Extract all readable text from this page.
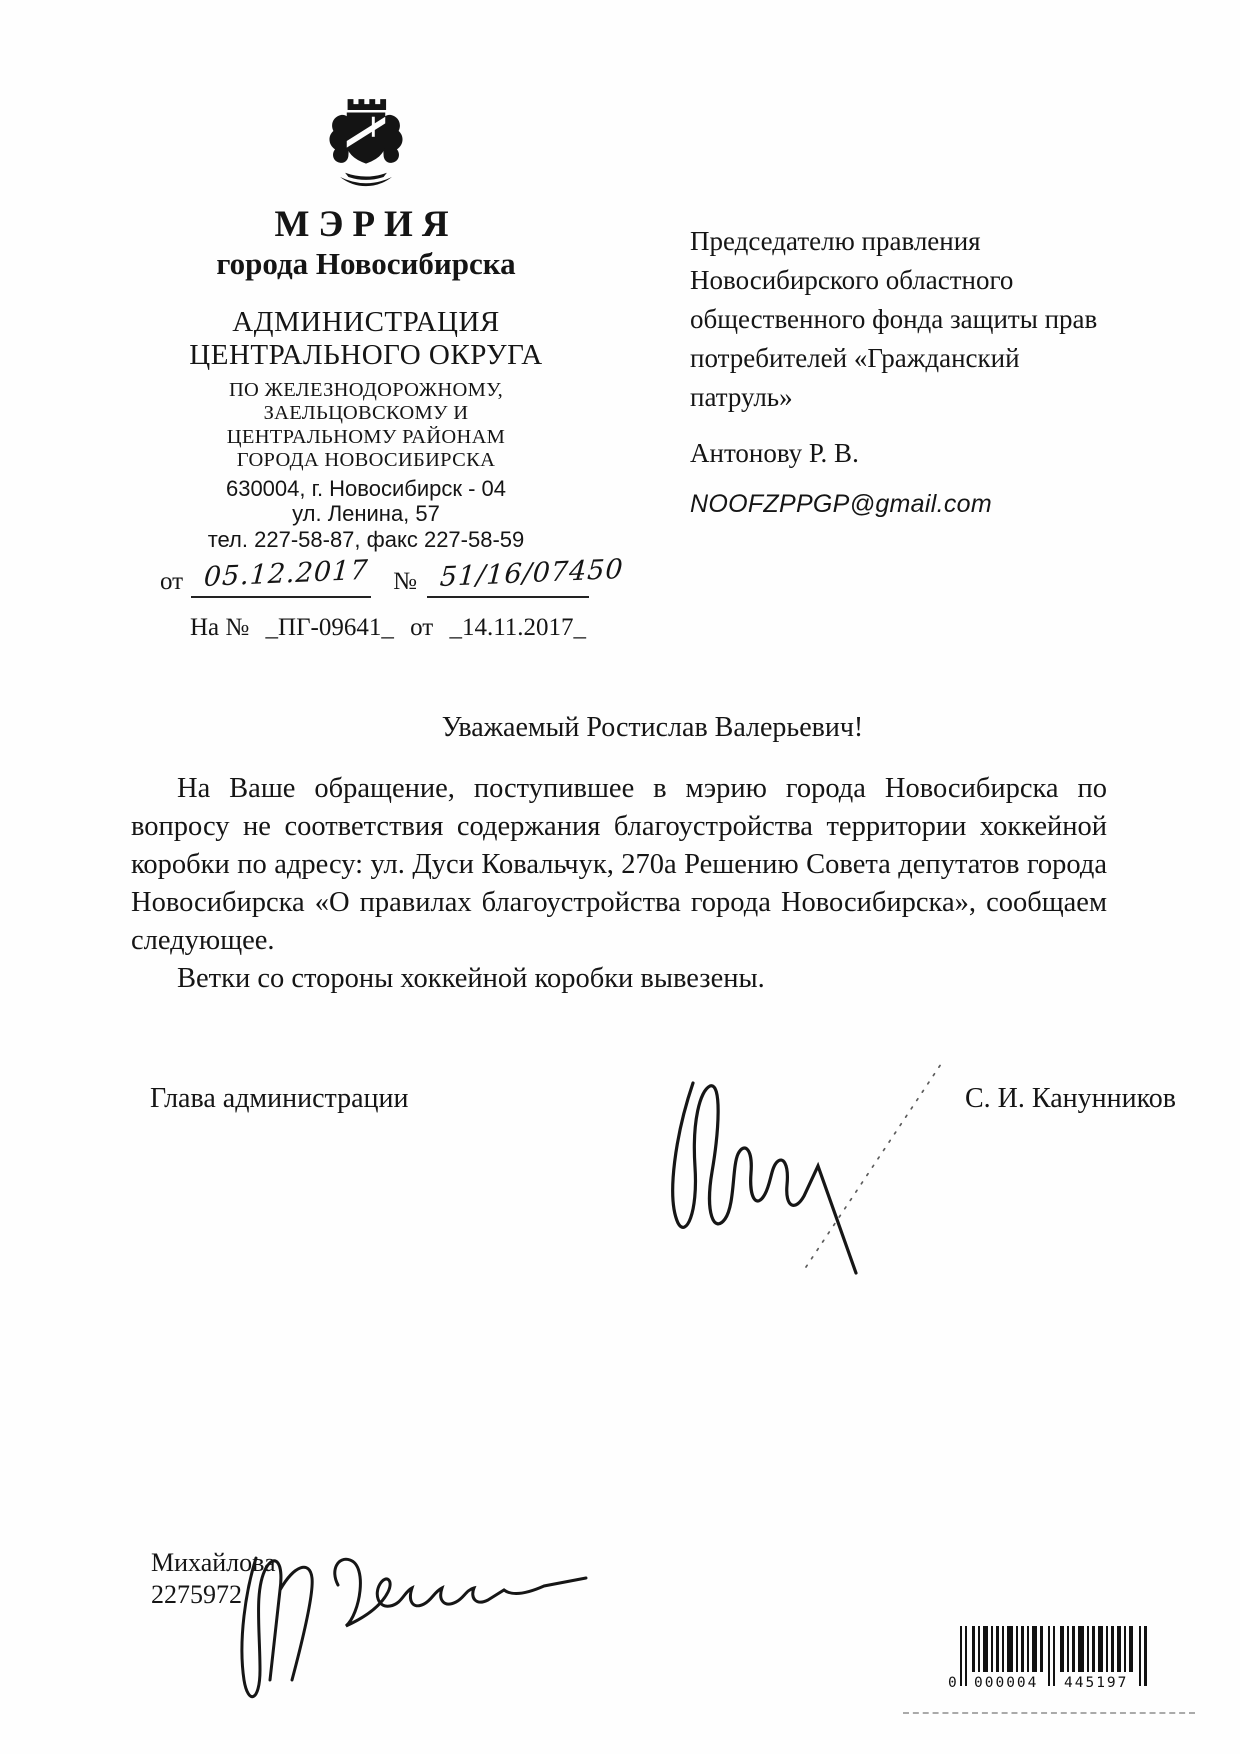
МЭРИЯ
города Новосибирска
АДМИНИСТРАЦИЯ
ЦЕНТРАЛЬНОГО ОКРУГА
ПО ЖЕЛЕЗНОДОРОЖНОМУ,
ЗАЕЛЬЦОВСКОМУ И
ЦЕНТРАЛЬНОМУ РАЙОНАМ
ГОРОДА НОВОСИБИРСКА
630004, г. Новосибирск - 04
ул. Ленина, 57
тел. 227-58-87, факс 227-58-59
от 05.12.2017 № 51/16/07450
На № _ПГ-09641_ от _14.11.2017_
Председателю правления
Новосибирского областного
общественного фонда защиты прав
потребителей «Гражданский
патруль»
Антонову Р. В.
NOOFZPPGP@gmail.com
Уважаемый Ростислав Валерьевич!

На Ваше обращение, поступившее в мэрию города Новосибирска по вопросу не соответствия содержания благоустройства территории хоккейной коробки по адресу: ул. Дуси Ковальчук, 270а Решению Совета депутатов города Новосибирска «О правилах благоустройства города Новосибирска», сообщаем следующее.

Ветки со стороны хоккейной коробки вывезены.

Глава администрации	С. И. Канунников
Михайлова
2275972
0 000004 445197
